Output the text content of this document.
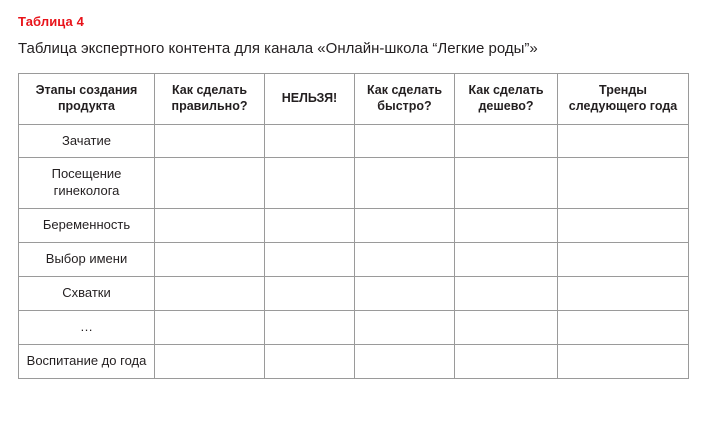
Таблица 4
Таблица экспертного контента для канала «Онлайн-школа “Легкие роды”»
Этапы создания продукта	Как сделать правильно?	НЕЛЬЗЯ!	Как сделать быстро?	Как сделать дешево?	Тренды следующего года
Зачатие					
Посещение гинеколога					
Беременность					
Выбор имени					
Схватки					
…					
Воспитание до года					
